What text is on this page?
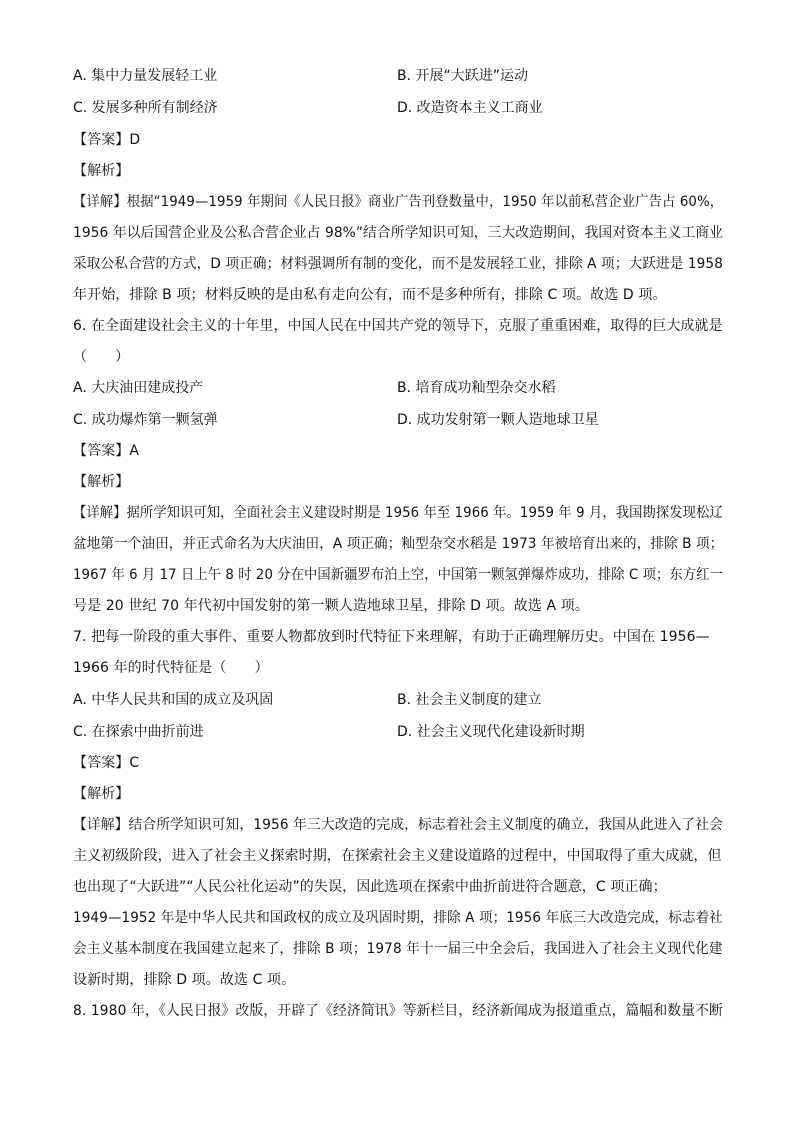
A. 集中力量发展轻工业	B. 开展“大跃进”运动
C. 发展多种所有制经济	D. 改造资本主义工商业
【答案】D
【解析】
【详解】根据“1949—1959 年期间《人民日报》商业广告刊登数量中，1950 年以前私营企业广告占 60%，
1956 年以后国营企业及公私合营企业占 98%”结合所学知识可知，三大改造期间，我国对资本主义工商业
采取公私合营的方式，D 项正确；材料强调所有制的变化，而不是发展轻工业，排除 A 项；大跃进是 1958
年开始，排除 B 项；材料反映的是由私有走向公有，而不是多种所有，排除 C 项。故选 D 项。
6. 在全面建设社会主义的十年里，中国人民在中国共产党的领导下，克服了重重困难，取得的巨大成就是
（　　）
A. 大庆油田建成投产	B. 培育成功籼型杂交水稻
C. 成功爆炸第一颗氢弹	D. 成功发射第一颗人造地球卫星
【答案】A
【解析】
【详解】据所学知识可知，全面社会主义建设时期是 1956 年至 1966 年。1959 年 9 月，我国勘探发现松辽
盆地第一个油田，并正式命名为大庆油田，A 项正确；籼型杂交水稻是 1973 年被培育出来的，排除 B 项；
1967 年 6 月 17 日上午 8 时 20 分在中国新疆罗布泊上空，中国第一颗氢弹爆炸成功，排除 C 项；东方红一
号是 20 世纪 70 年代初中国发射的第一颗人造地球卫星，排除 D 项。故选 A 项。
7. 把每一阶段的重大事件、重要人物都放到时代特征下来理解，有助于正确理解历史。中国在 1956—
1966 年的时代特征是（　　）
A. 中华人民共和国的成立及巩固	B. 社会主义制度的建立
C. 在探索中曲折前进	D. 社会主义现代化建设新时期
【答案】C
【解析】
【详解】结合所学知识可知，1956 年三大改造的完成，标志着社会主义制度的确立，我国从此进入了社会
主义初级阶段，进入了社会主义探索时期，在探索社会主义建设道路的过程中，中国取得了重大成就，但
也出现了“大跃进”“人民公社化运动”的失误，因此选项在探索中曲折前进符合题意，C 项正确；
1949—1952 年是中华人民共和国政权的成立及巩固时期，排除 A 项；1956 年底三大改造完成，标志着社
会主义基本制度在我国建立起来了，排除 B 项；1978 年十一届三中全会后，我国进入了社会主义现代化建
设新时期，排除 D 项。故选 C 项。
8. 1980 年，《人民日报》改版，开辟了《经济简讯》等新栏目，经济新闻成为报道重点，篇幅和数量不断
